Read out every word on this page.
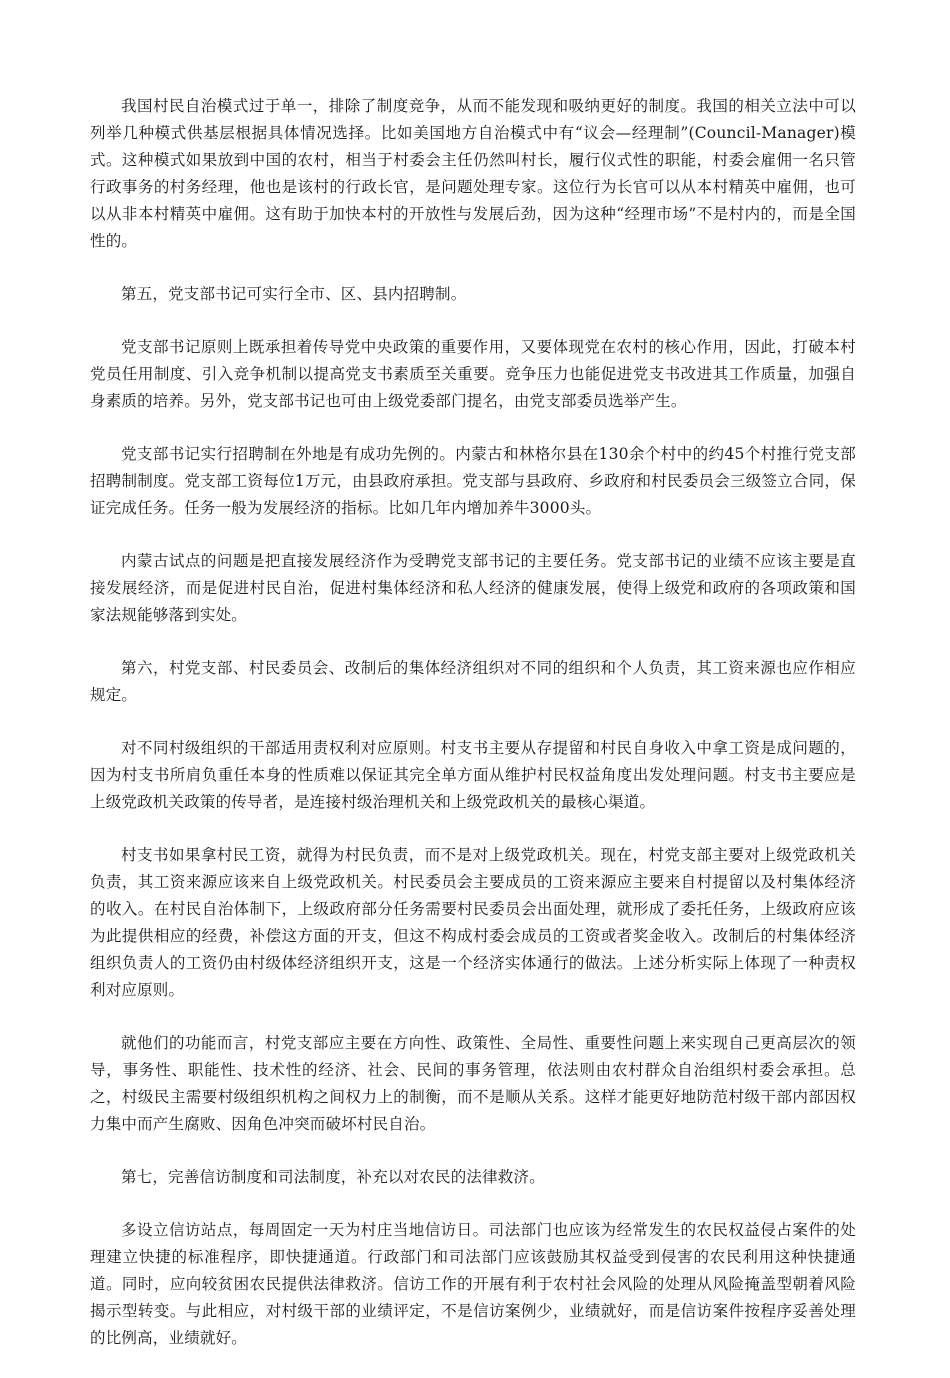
我国村民自治模式过于单一，排除了制度竞争，从而不能发现和吸纳更好的制度。我国的相关立法中可以列举几种模式供基层根据具体情况选择。比如美国地方自治模式中有“议会—经理制”(Council-Manager)模式。这种模式如果放到中国的农村，相当于村委会主任仍然叫村长，履行仪式性的职能，村委会雇佣一名只管行政事务的村务经理，他也是该村的行政长官，是问题处理专家。这位行为长官可以从本村精英中雇佣，也可以从非本村精英中雇佣。这有助于加快本村的开放性与发展后劲，因为这种“经理市场”不是村内的，而是全国性的。

第五，党支部书记可实行全市、区、县内招聘制。

党支部书记原则上既承担着传导党中央政策的重要作用，又要体现党在农村的核心作用，因此，打破本村党员任用制度、引入竞争机制以提高党支书素质至关重要。竞争压力也能促进党支书改进其工作质量，加强自身素质的培养。另外，党支部书记也可由上级党委部门提名，由党支部委员选举产生。

党支部书记实行招聘制在外地是有成功先例的。内蒙古和林格尔县在130余个村中的约45个村推行党支部招聘制制度。党支部工资每位1万元，由县政府承担。党支部与县政府、乡政府和村民委员会三级签立合同，保证完成任务。任务一般为发展经济的指标。比如几年内增加养牛3000头。

内蒙古试点的问题是把直接发展经济作为受聘党支部书记的主要任务。党支部书记的业绩不应该主要是直接发展经济，而是促进村民自治，促进村集体经济和私人经济的健康发展，使得上级党和政府的各项政策和国家法规能够落到实处。

第六，村党支部、村民委员会、改制后的集体经济组织对不同的组织和个人负责，其工资来源也应作相应规定。

对不同村级组织的干部适用责权利对应原则。村支书主要从存提留和村民自身收入中拿工资是成问题的，因为村支书所肩负重任本身的性质难以保证其完全单方面从维护村民权益角度出发处理问题。村支书主要应是上级党政机关政策的传导者，是连接村级治理机关和上级党政机关的最核心渠道。

村支书如果拿村民工资，就得为村民负责，而不是对上级党政机关。现在，村党支部主要对上级党政机关负责，其工资来源应该来自上级党政机关。村民委员会主要成员的工资来源应主要来自村提留以及村集体经济的收入。在村民自治体制下，上级政府部分任务需要村民委员会出面处理，就形成了委托任务，上级政府应该为此提供相应的经费，补偿这方面的开支，但这不构成村委会成员的工资或者奖金收入。改制后的村集体经济组织负责人的工资仍由村级体经济组织开支，这是一个经济实体通行的做法。上述分析实际上体现了一种责权利对应原则。

就他们的功能而言，村党支部应主要在方向性、政策性、全局性、重要性问题上来实现自己更高层次的领导，事务性、职能性、技术性的经济、社会、民间的事务管理，依法则由农村群众自治组织村委会承担。总之，村级民主需要村级组织机构之间权力上的制衡，而不是顺从关系。这样才能更好地防范村级干部内部因权力集中而产生腐败、因角色冲突而破坏村民自治。

第七，完善信访制度和司法制度，补充以对农民的法律救济。

多设立信访站点，每周固定一天为村庄当地信访日。司法部门也应该为经常发生的农民权益侵占案件的处理建立快捷的标准程序，即快捷通道。行政部门和司法部门应该鼓励其权益受到侵害的农民利用这种快捷通道。同时，应向较贫困农民提供法律救济。信访工作的开展有利于农村社会风险的处理从风险掩盖型朝着风险揭示型转变。与此相应，对村级干部的业绩评定，不是信访案例少，业绩就好，而是信访案件按程序妥善处理的比例高，业绩就好。
